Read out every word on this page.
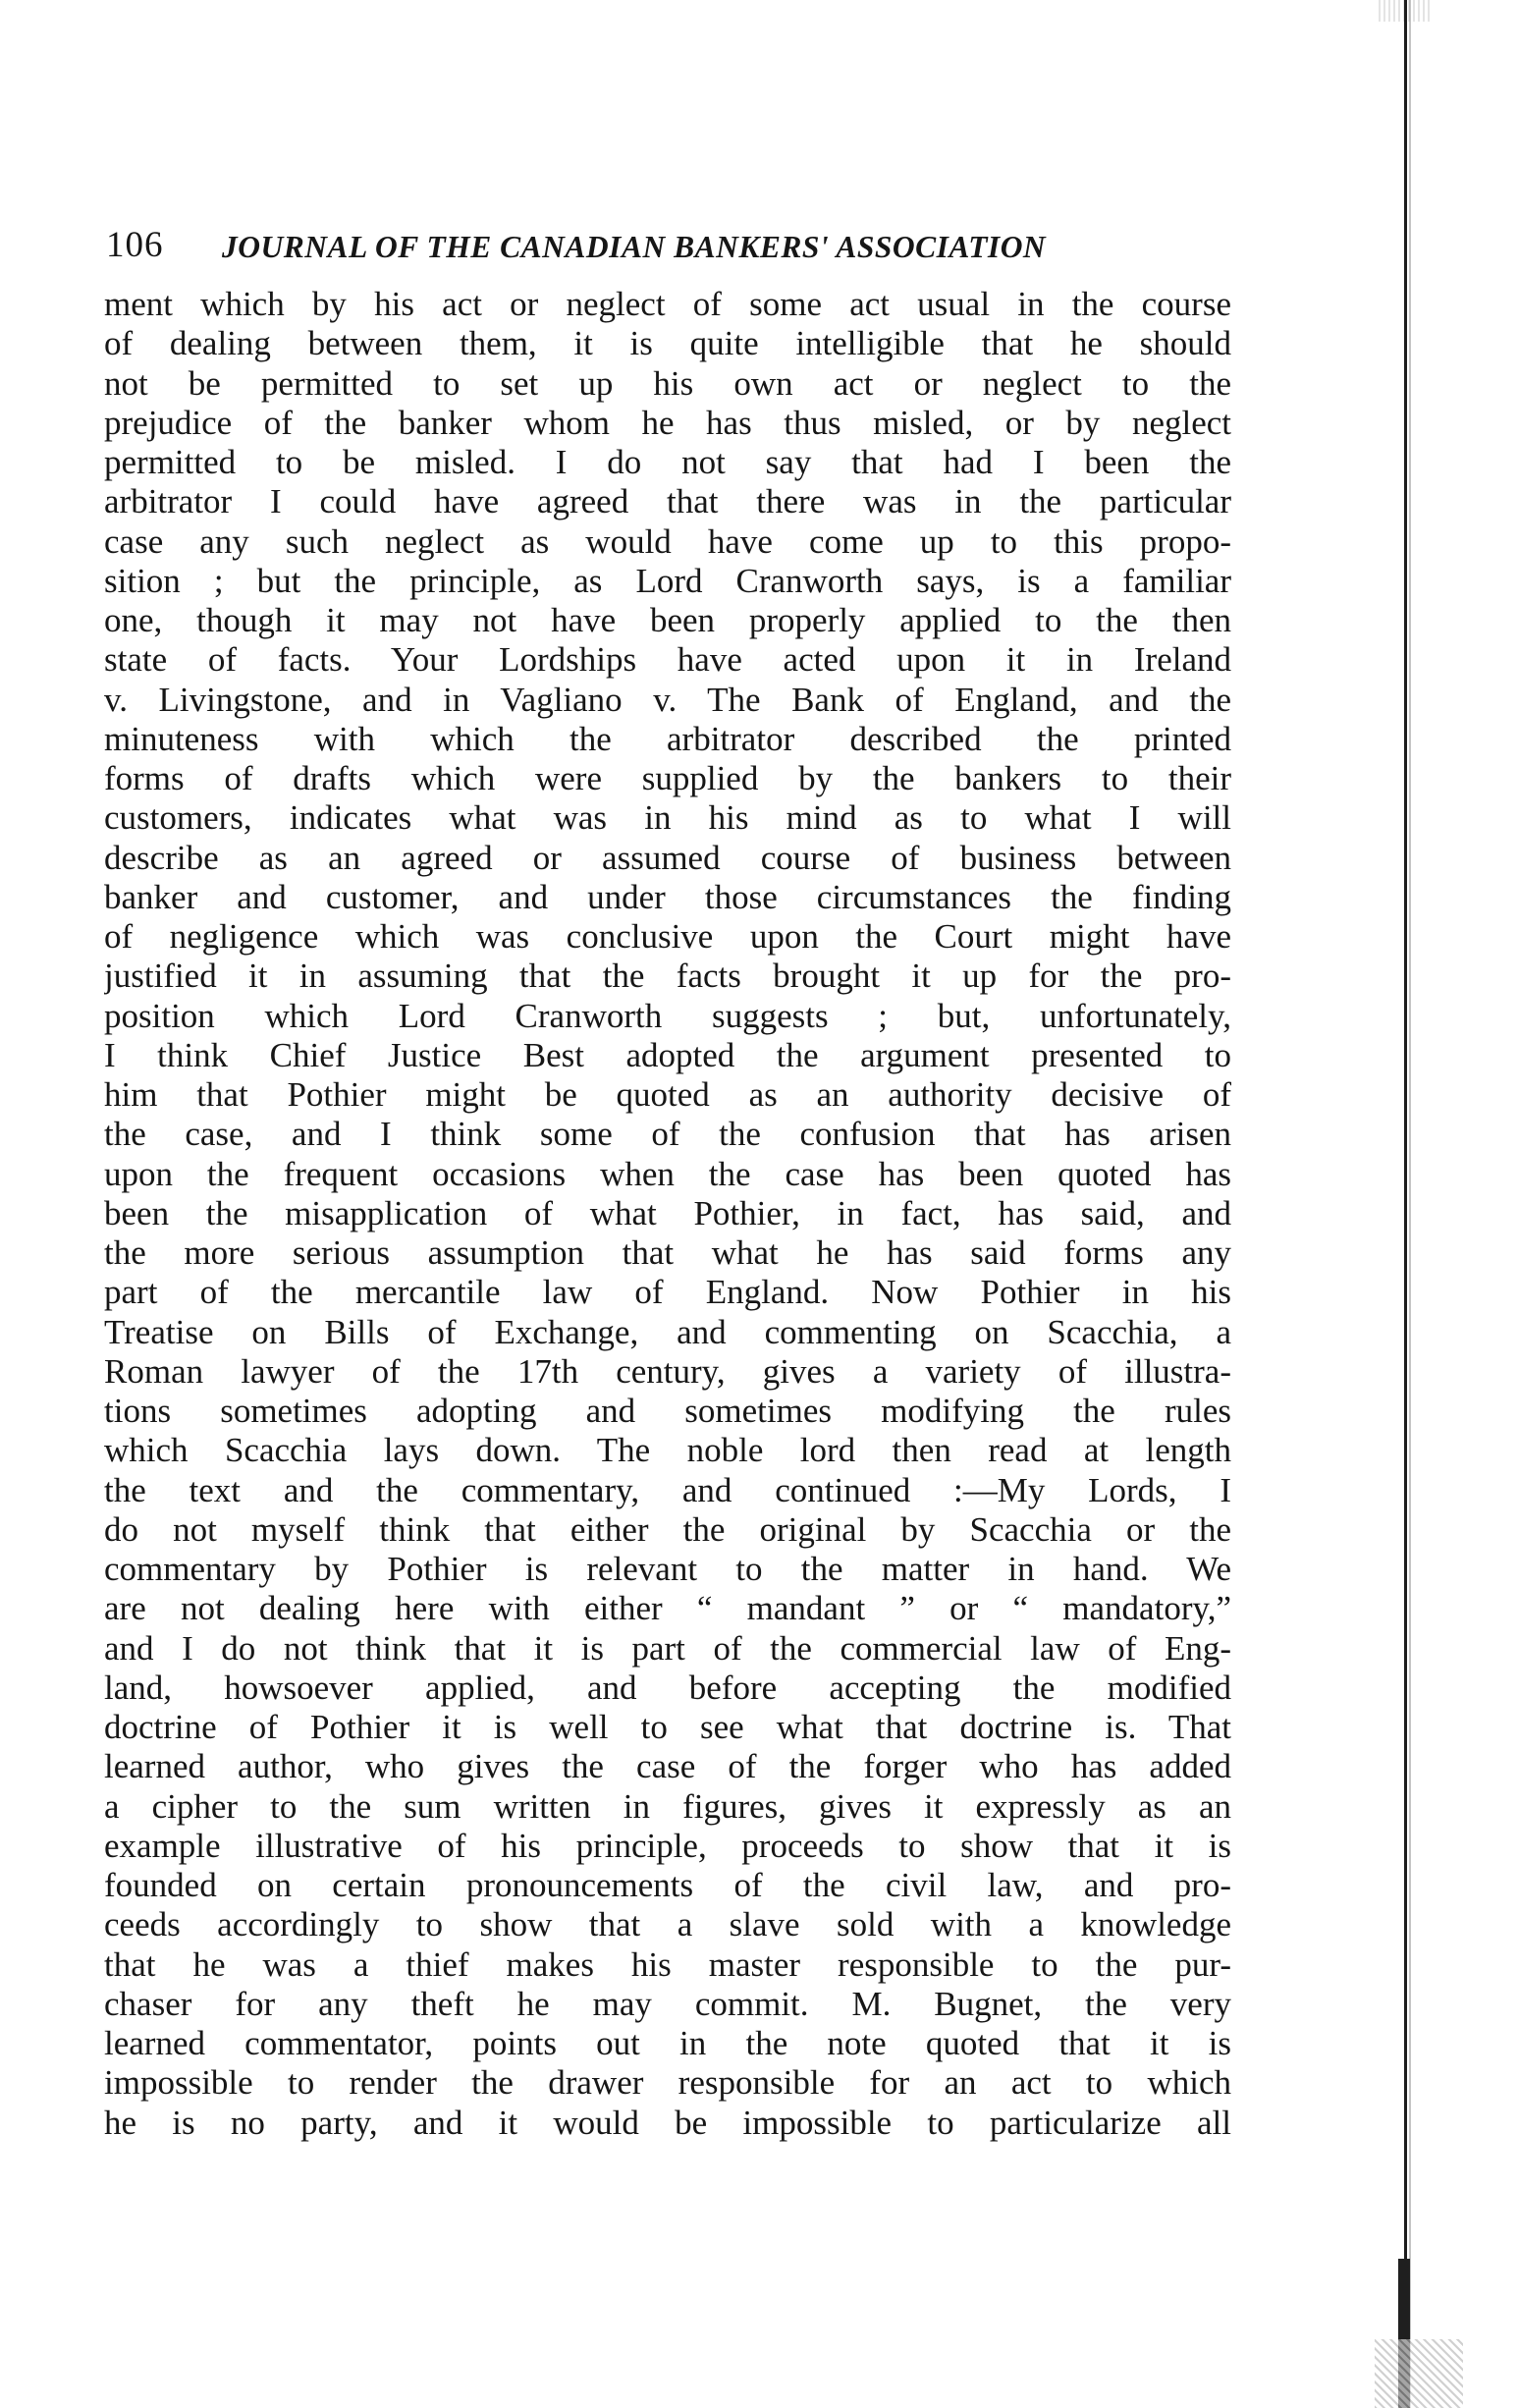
106 JOURNAL OF THE CANADIAN BANKERS' ASSOCIATION
ment which by his act or neglect of some act usual in the course
of dealing between them, it is quite intelligible that he should
not be permitted to set up his own act or neglect to the
prejudice of the banker whom he has thus misled, or by neglect
permitted to be misled. I do not say that had I been the
arbitrator I could have agreed that there was in the particular
case any such neglect as would have come up to this propo-
sition ; but the principle, as Lord Cranworth says, is a familiar
one, though it may not have been properly applied to the then
state of facts. Your Lordships have acted upon it in Ireland
v. Livingstone, and in Vagliano v. The Bank of England, and the
minuteness with which the arbitrator described the printed
forms of drafts which were supplied by the bankers to their
customers, indicates what was in his mind as to what I will
describe as an agreed or assumed course of business between
banker and customer, and under those circumstances the finding
of negligence which was conclusive upon the Court might have
justified it in assuming that the facts brought it up for the pro-
position which Lord Cranworth suggests ; but, unfortunately,
I think Chief Justice Best adopted the argument presented to
him that Pothier might be quoted as an authority decisive of
the case, and I think some of the confusion that has arisen
upon the frequent occasions when the case has been quoted has
been the misapplication of what Pothier, in fact, has said, and
the more serious assumption that what he has said forms any
part of the mercantile law of England. Now Pothier in his
Treatise on Bills of Exchange, and commenting on Scacchia, a
Roman lawyer of the 17th century, gives a variety of illustra-
tions sometimes adopting and sometimes modifying the rules
which Scacchia lays down. The noble lord then read at length
the text and the commentary, and continued :—My Lords, I
do not myself think that either the original by Scacchia or the
commentary by Pothier is relevant to the matter in hand. We
are not dealing here with either “ mandant ” or “ mandatory,”
and I do not think that it is part of the commercial law of Eng-
land, howsoever applied, and before accepting the modified
doctrine of Pothier it is well to see what that doctrine is. That
learned author, who gives the case of the forger who has added
a cipher to the sum written in figures, gives it expressly as an
example illustrative of his principle, proceeds to show that it is
founded on certain pronouncements of the civil law, and pro-
ceeds accordingly to show that a slave sold with a knowledge
that he was a thief makes his master responsible to the pur-
chaser for any theft he may commit. M. Bugnet, the very
learned commentator, points out in the note quoted that it is
impossible to render the drawer responsible for an act to which
he is no party, and it would be impossible to particularize all
